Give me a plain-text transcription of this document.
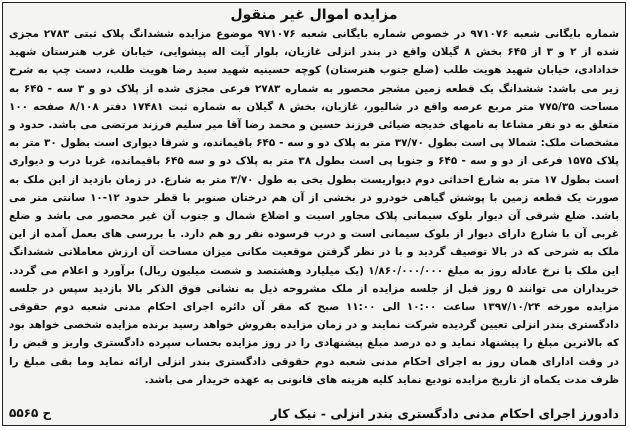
مزایده اموال غیر منقول

شماره بایگانی شعبه ۹۷۱۰۷۶ در خصوص شماره بایگانی شعبه ۹۷۱۰۷۶ موضوع مزایده ششدانگ پلاک ثبتی ۲۷۸۳ مجزی شده از ۲ و ۳ از ۶۴۵ بخش ۸ گیلان واقع در بندر انزلی غازیان، بلوار آیت اله پیشوایی، خیابان غرب هنرستان شهید خدادادی، خیابان شهید هویت طلب (ضلع جنوب هنرستان) کوچه حسینیه شهید سید رضا هویت طلب، دست چپ به شرح زیر می باشد: ششدانگ یک قطعه زمین مشجر محصور به شماره ۲۷۸۳ فرعی مجزی شده از پلاک دو و ۳ سه - ۶۴۵ به مساحت ۷۷۵/۳۵ متر مربع عرصه واقع در شالیور، غازیان، بخش ۸ گیلان به شماره ثبت ۱۷۴۸۱ دفتر ۸/۱۰۸ صفحه ۱۰۰ متعلق به دو نفر مشاعا به نامهای خدیجه ضیائی فرزند حسین و محمد رضا آقا میر سلیم فرزند مرتضی می باشد. حدود و مشخصات ملک: شمالا پی است بطول ۳۷/۷۰ متر به پلاک دو و سه - ۶۴۵ باقیمانده، و شرقا دیواری است بطول ۳۰ متر به پلاک ۱۵۷۵ فرعی از دو و سه - ۶۴۵ و جنوبا پی است بطول ۳۸ متر به پلاک دو و سه ۶۴۵ باقیمانده، غربا درب و دیواری است بطول ۱۷ متر به شارع احداثی دوم دیواریست بطول یخی به طول ۳/۷۰ متر به شارع. در زمان بازدید از این ملک به صورت یک قطعه زمین با پوشش گیاهی خودرو در بخشی از آن هم درختان صنوبر با قطر حدود ۱۲-۱۰ سانتی متر می باشد. ضلع شرقی آن دیوار بلوک سیمانی پلاک مجاور اسیت و اضلاع شمال و جنوب آن غیر محصور می باشد و ضلع غربی آن با شارع دارای دیوار از بلوک سیمانی است و درب فرسوده نفر رو هم دارد. با بررسی های بعمل آمده از این ملک به شرحی که در بالا توصیف گردید و با در نظر گرفتن موقعیت مکانی میزان مساحت آن ارزش معاملاتی ششدانگ این ملک با نرخ عادله روز به مبلغ ۱/۸۶۰/۰۰۰/۰۰۰ (یک میلیارد وهشتصد و شصت میلیون ریال) برآورد و اعلام می گردد. خریداران می توانند ۵ روز قبل از جلسه مزایده از ملک مشروحه ذیل به نشانی فوق الذکر بالا بازدید سپس در جلسه مزایده مورخه ۱۳۹۷/۱۰/۲۴ ساعت ۱۰:۰۰ الی ۱۱:۰۰ صبح که مقر آن دائره اجرای احکام مدنی شعبه دوم حقوقی دادگستری بندر انزلی تعیین گردیده شرکت نمایند و در زمان مزایده بفروش خواهد رسید برنده مزایده شخصی خواهد بود که بالاترین مبلغ را پیشنهاد نماید و ده درصد مبلغ پیشنهادی را در روز مزایده بحساب سپرده دادگستری واریز و قبض را در وقت ادارای همان روز به اجرای احکام مدنی شعبه دوم حقوقی دادگستری بندر انزلی ارائه نماید وما بقی مبلغ را ظرف مدت یکماه از تاریخ مزایده تودیع نماید کلیه هزینه های قانونی به عهده خریدار می باشد.

دادورز اجرای احکام مدنی دادگستری بندر انزلی - نیک کار
ح ۵۵۶۵
